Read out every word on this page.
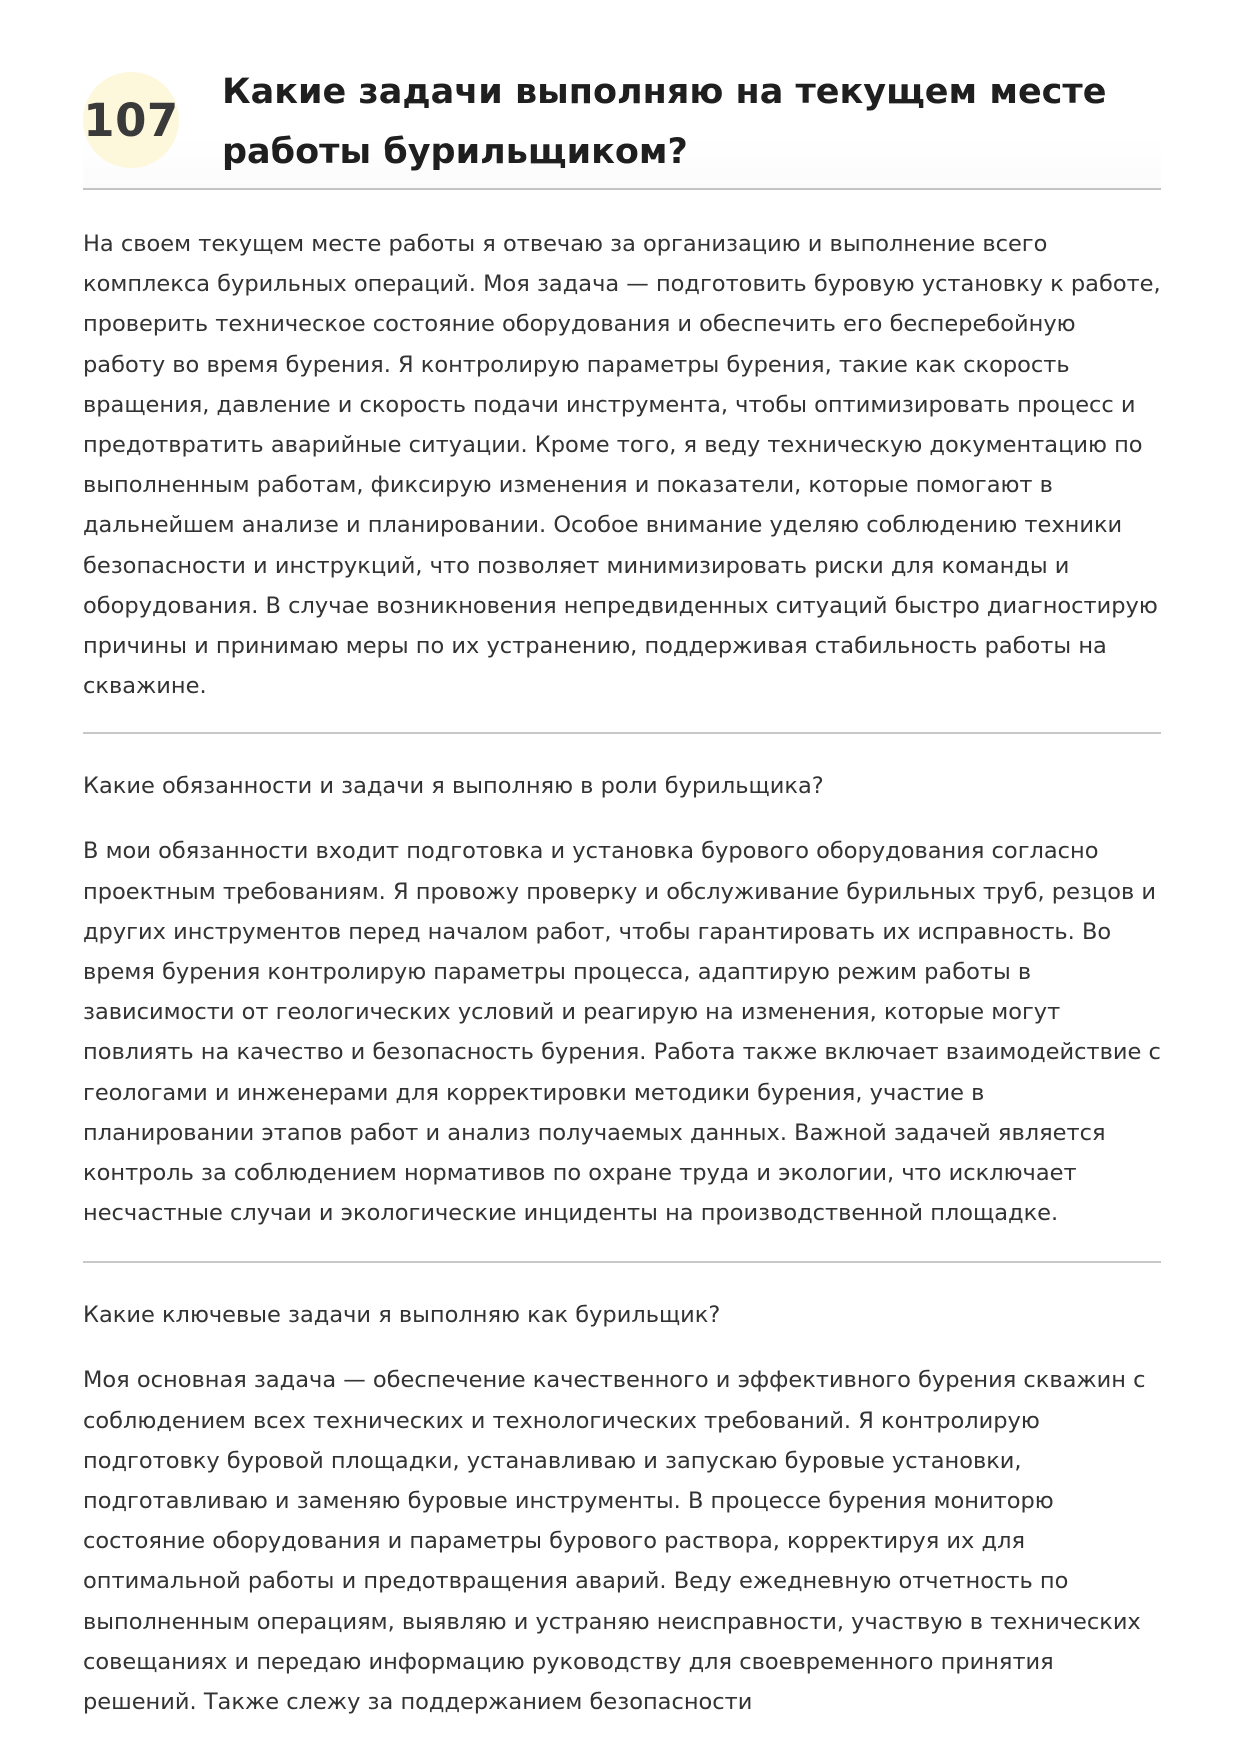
107
Какие задачи выполняю на текущем месте
работы бурильщиком?

На своем текущем месте работы я отвечаю за организацию и выполнение всего комплекса бурильных операций. Моя задача — подготовить буровую установку к работе, проверить техническое состояние оборудования и обеспечить его бесперебойную работу во время бурения. Я контролирую параметры бурения, такие как скорость вращения, давление и скорость подачи инструмента, чтобы оптимизировать процесс и предотвратить аварийные ситуации. Кроме того, я веду техническую документацию по выполненным работам, фиксирую изменения и показатели, которые помогают в дальнейшем анализе и планировании. Особое внимание уделяю соблюдению техники безопасности и инструкций, что позволяет минимизировать риски для команды и оборудования. В случае возникновения непредвиденных ситуаций быстро диагностирую причины и принимаю меры по их устранению, поддерживая стабильность работы на скважине.

Какие обязанности и задачи я выполняю в роли бурильщика?

В мои обязанности входит подготовка и установка бурового оборудования согласно проектным требованиям. Я провожу проверку и обслуживание бурильных труб, резцов и других инструментов перед началом работ, чтобы гарантировать их исправность. Во время бурения контролирую параметры процесса, адаптирую режим работы в зависимости от геологических условий и реагирую на изменения, которые могут повлиять на качество и безопасность бурения. Работа также включает взаимодействие с геологами и инженерами для корректировки методики бурения, участие в планировании этапов работ и анализ получаемых данных. Важной задачей является контроль за соблюдением нормативов по охране труда и экологии, что исключает несчастные случаи и экологические инциденты на производственной площадке.

Какие ключевые задачи я выполняю как бурильщик?

Моя основная задача — обеспечение качественного и эффективного бурения скважин с соблюдением всех технических и технологических требований. Я контролирую подготовку буровой площадки, устанавливаю и запускаю буровые установки, подготавливаю и заменяю буровые инструменты. В процессе бурения мониторю состояние оборудования и параметры бурового раствора, корректируя их для оптимальной работы и предотвращения аварий. Веду ежедневную отчетность по выполненным операциям, выявляю и устраняю неисправности, участвую в технических совещаниях и передаю информацию руководству для своевременного принятия решений. Также слежу за поддержанием безопасности
